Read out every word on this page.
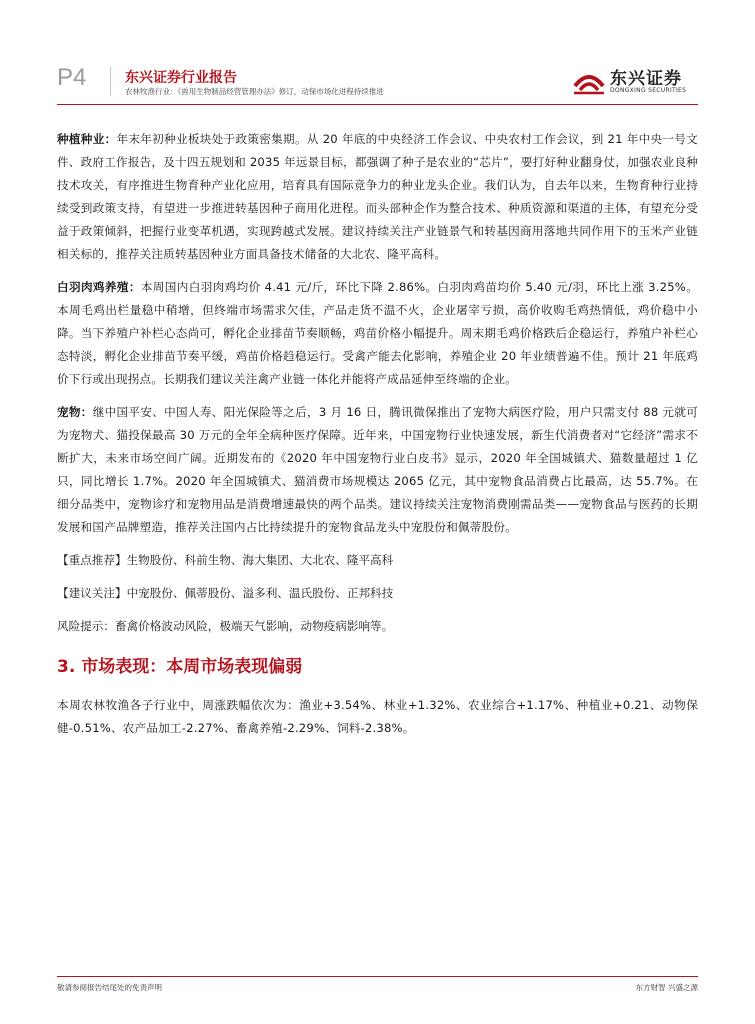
P4	东兴证券行业报告
农林牧渔行业：《兽用生物制品经营管理办法》修订，动保市场化进程持续推进
东兴证券
DONGXING SECURITIES

种植种业：年末年初种业板块处于政策密集期。从 20 年底的中央经济工作会议、中央农村工作会议，到 21 年中央一号文件、政府工作报告，及十四五规划和 2035 年远景目标，都强调了种子是农业的“芯片”，要打好种业翻身仗，加强农业良种技术攻关，有序推进生物育种产业化应用，培育具有国际竞争力的种业龙头企业。我们认为，自去年以来，生物育种行业持续受到政策支持，有望进一步推进转基因种子商用化进程。而头部种企作为整合技术、种质资源和渠道的主体，有望充分受益于政策倾斜，把握行业变革机遇，实现跨越式发展。建议持续关注产业链景气和转基因商用落地共同作用下的玉米产业链相关标的，推荐关注质转基因种业方面具备技术储备的大北农、隆平高科。

白羽肉鸡养殖：本周国内白羽肉鸡均价 4.41 元/斤，环比下降 2.86%。白羽肉鸡苗均价 5.40 元/羽，环比上涨 3.25%。本周毛鸡出栏量稳中稍增，但终端市场需求欠佳，产品走货不温不火，企业屠宰亏损，高价收购毛鸡热情低，鸡价稳中小降。当下养殖户补栏心态尚可，孵化企业排苗节奏顺畅，鸡苗价格小幅提升。周末期毛鸡价格跌后企稳运行，养殖户补栏心态特淡，孵化企业排苗节奏平缓，鸡苗价格趋稳运行。受禽产能去化影响，养殖企业 20 年业绩普遍不佳。预计 21 年底鸡价下行或出现拐点。长期我们建议关注禽产业链一体化并能将产成品延伸至终端的企业。

宠物：继中国平安、中国人寿、阳光保险等之后，3 月 16 日，腾讯微保推出了宠物大病医疗险，用户只需支付 88 元就可为宠物犬、猫投保最高 30 万元的全年全病种医疗保障。近年来，中国宠物行业快速发展，新生代消费者对“它经济”需求不断扩大，未来市场空间广阔。近期发布的《2020 年中国宠物行业白皮书》显示，2020 年全国城镇犬、猫数量超过 1 亿只，同比增长 1.7%。2020 年全国城镇犬、猫消费市场规模达 2065 亿元，其中宠物食品消费占比最高，达 55.7%。在细分品类中，宠物诊疗和宠物用品是消费增速最快的两个品类。建议持续关注宠物消费刚需品类——宠物食品与医药的长期发展和国产品牌塑造，推荐关注国内占比持续提升的宠物食品龙头中宠股份和佩蒂股份。

【重点推荐】生物股份、科前生物、海大集团、大北农、隆平高科

【建议关注】中宠股份、佩蒂股份、溢多利、温氏股份、正邦科技

风险提示：畜禽价格波动风险，极端天气影响，动物疫病影响等。

3. 市场表现：本周市场表现偏弱

本周农林牧渔各子行业中，周涨跌幅依次为：渔业+3.54%、林业+1.32%、农业综合+1.17%、种植业+0.21、动物保健-0.51%、农产品加工-2.27%、畜禽养殖-2.29%、饲料-2.38%。

敬请参阅报告结尾处的免责声明	东方财智 兴盛之源
